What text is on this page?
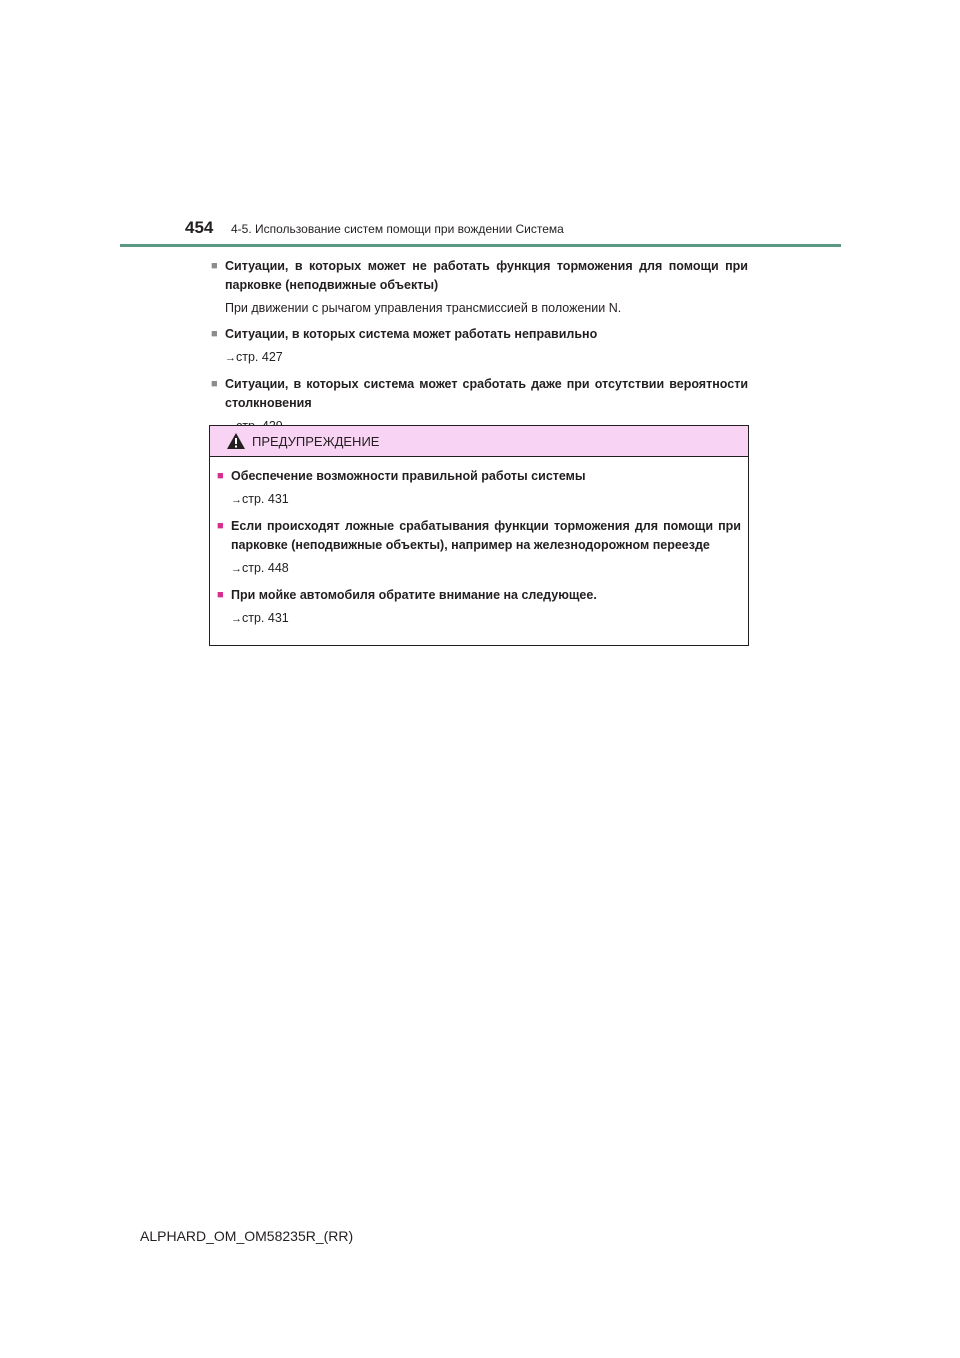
454	4-5. Использование систем помощи при вождении Система
■ Ситуации, в которых может не работать функция торможения для помощи при парковке (неподвижные объекты)
При движении с рычагом управления трансмиссией в положении N.
■ Ситуации, в которых система может работать неправильно
→стр. 427
■ Ситуации, в которых система может сработать даже при отсутствии вероятности столкновения
ПРЕДУПРЕЖДЕНИЕ
■ Обеспечение возможности правильной работы системы
→стр. 431
■ Если происходят ложные срабатывания функции торможения для помощи при парковке (неподвижные объекты), например на железнодорожном переезде
→стр. 448
■ При мойке автомобиля обратите внимание на следующее.
→стр. 431
ALPHARD_OM_OM58235R_(RR)
